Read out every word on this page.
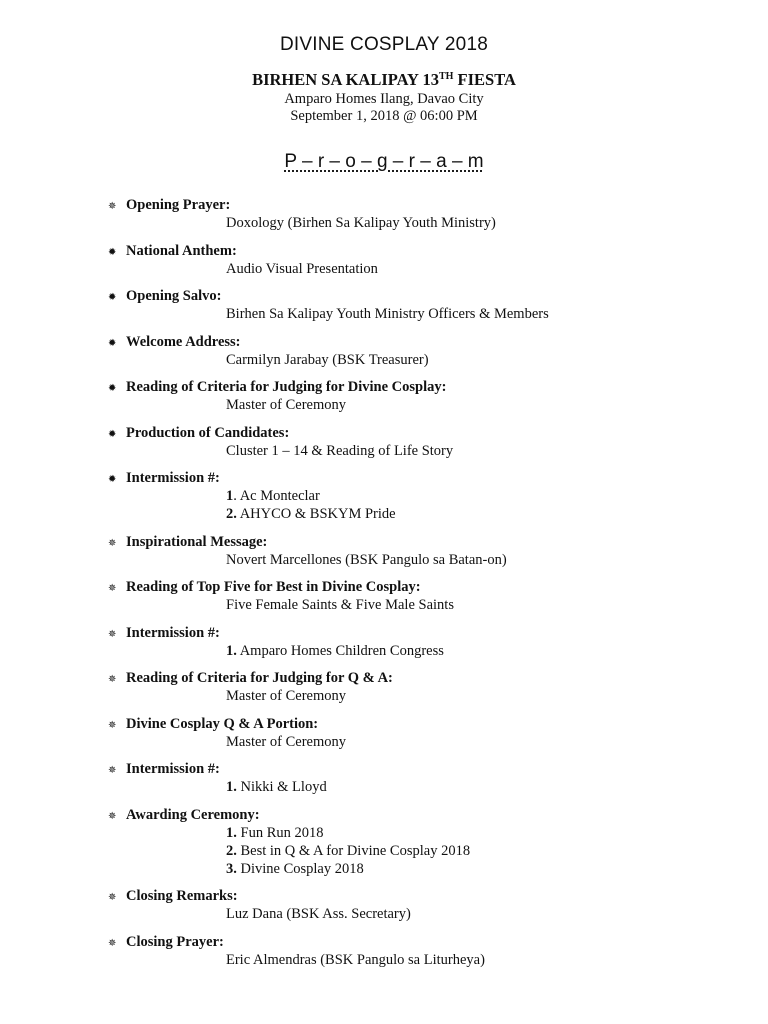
DIVINE COSPLAY 2018
BIRHEN SA KALIPAY 13TH FIESTA
Amparo Homes Ilang, Davao City
September 1, 2018 @ 06:00 PM
P – r – o – g – r – a – m
✵ Opening Prayer:
Doxology (Birhen Sa Kalipay Youth Ministry)
✹ National Anthem:
Audio Visual Presentation
✹ Opening Salvo:
Birhen Sa Kalipay Youth Ministry Officers & Members
✹ Welcome Address:
Carmilyn Jarabay (BSK Treasurer)
✹ Reading of Criteria for Judging for Divine Cosplay:
Master of Ceremony
✹ Production of Candidates:
Cluster 1 – 14 & Reading of Life Story
✹ Intermission #:
1. Ac Monteclar
2. AHYCO & BSKYM Pride
✵ Inspirational Message:
Novert Marcellones (BSK Pangulo sa Batan-on)
✵ Reading of Top Five for Best in Divine Cosplay:
Five Female Saints & Five Male Saints
✵ Intermission #:
1. Amparo Homes Children Congress
✵ Reading of Criteria for Judging for Q & A:
Master of Ceremony
✵ Divine Cosplay Q & A Portion:
Master of Ceremony
✵ Intermission #:
1. Nikki & Lloyd
✵ Awarding Ceremony:
1. Fun Run 2018
2. Best in Q & A for Divine Cosplay 2018
3. Divine Cosplay 2018
✵ Closing Remarks:
Luz Dana (BSK Ass. Secretary)
✵ Closing Prayer:
Eric Almendras (BSK Pangulo sa Liturheya)
